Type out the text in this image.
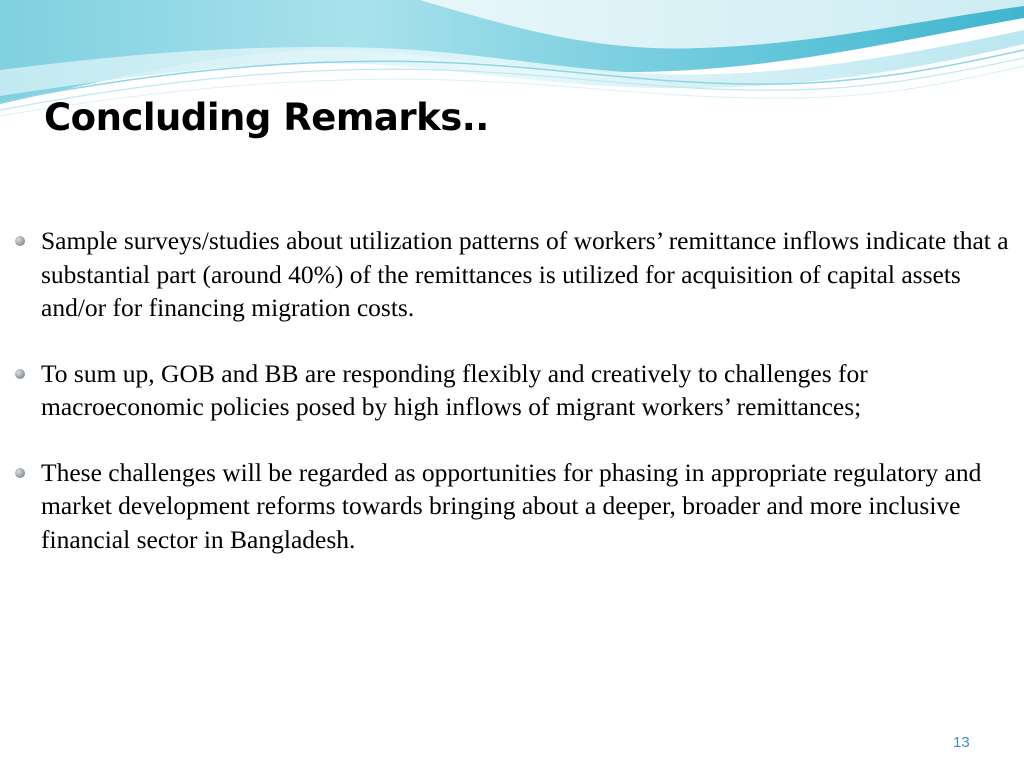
Concluding Remarks..
Sample surveys/studies about utilization patterns of workers’ remittance inflows indicate that a substantial part (around 40%) of the remittances is utilized for acquisition of capital assets and/or for financing migration costs.
To sum up, GOB and BB are responding flexibly and creatively to challenges for macroeconomic policies posed by high inflows of migrant workers’ remittances;
These challenges will be regarded as opportunities for phasing in appropriate regulatory and market development reforms towards bringing about a deeper, broader and more inclusive financial sector in Bangladesh.
13
